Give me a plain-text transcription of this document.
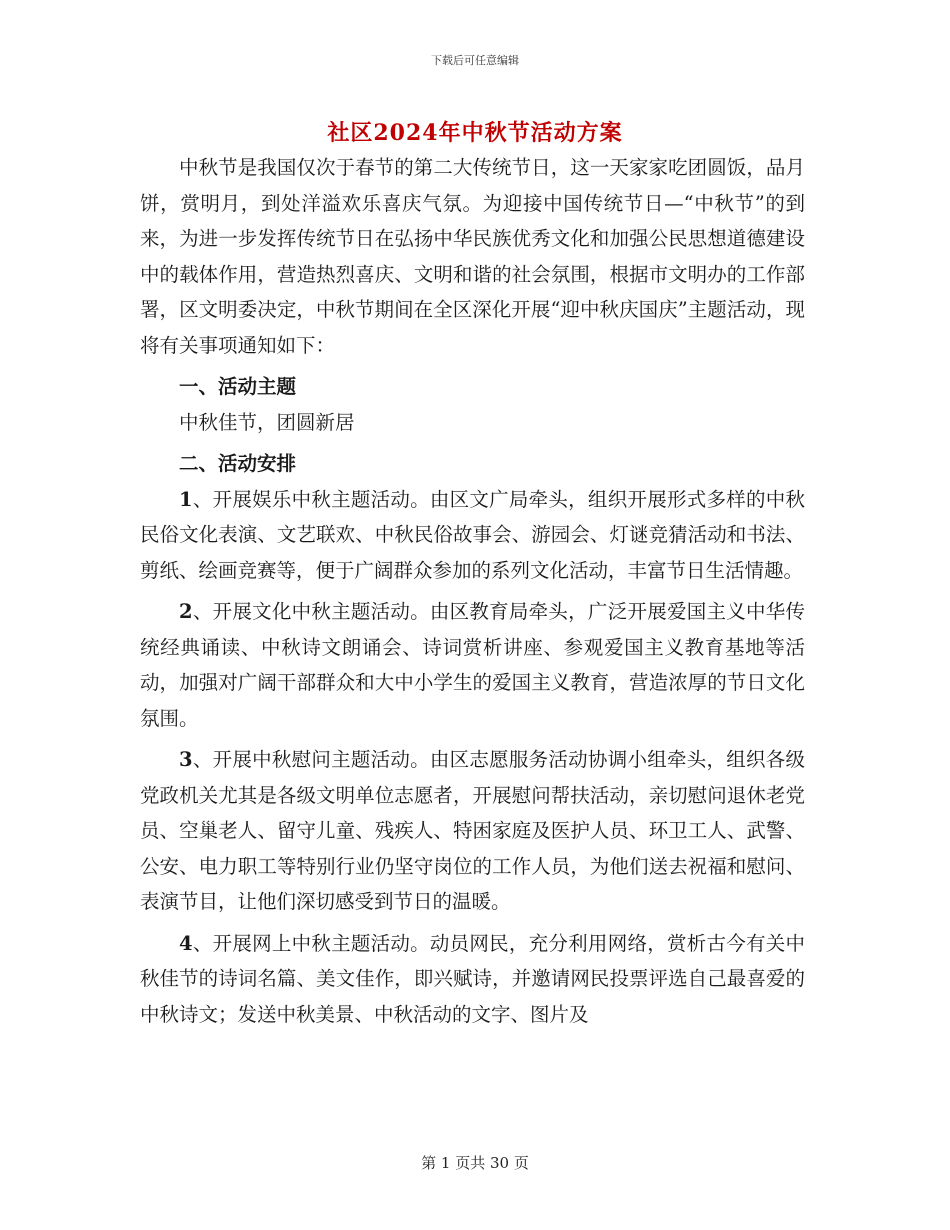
下载后可任意编辑
社区2024年中秋节活动方案

中秋节是我国仅次于春节的第二大传统节日，这一天家家吃团圆饭，品月饼，赏明月，到处洋溢欢乐喜庆气氛。为迎接中国传统节日—“中秋节”的到来，为进一步发挥传统节日在弘扬中华民族优秀文化和加强公民思想道德建设中的载体作用，营造热烈喜庆、文明和谐的社会氛围，根据市文明办的工作部署，区文明委决定，中秋节期间在全区深化开展“迎中秋庆国庆”主题活动，现将有关事项通知如下：

一、活动主题

中秋佳节，团圆新居

二、活动安排

1、开展娱乐中秋主题活动。由区文广局牵头，组织开展形式多样的中秋民俗文化表演、文艺联欢、中秋民俗故事会、游园会、灯谜竞猜活动和书法、剪纸、绘画竞赛等，便于广阔群众参加的系列文化活动，丰富节日生活情趣。

2、开展文化中秋主题活动。由区教育局牵头，广泛开展爱国主义中华传统经典诵读、中秋诗文朗诵会、诗词赏析讲座、参观爱国主义教育基地等活动，加强对广阔干部群众和大中小学生的爱国主义教育，营造浓厚的节日文化氛围。

3、开展中秋慰问主题活动。由区志愿服务活动协调小组牵头，组织各级党政机关尤其是各级文明单位志愿者，开展慰问帮扶活动，亲切慰问退休老党员、空巢老人、留守儿童、残疾人、特困家庭及医护人员、环卫工人、武警、公安、电力职工等特别行业仍坚守岗位的工作人员，为他们送去祝福和慰问、表演节目，让他们深切感受到节日的温暖。

4、开展网上中秋主题活动。动员网民，充分利用网络，赏析古今有关中秋佳节的诗词名篇、美文佳作，即兴赋诗，并邀请网民投票评选自己最喜爱的中秋诗文；发送中秋美景、中秋活动的文字、图片及

第 1 页共 30 页
